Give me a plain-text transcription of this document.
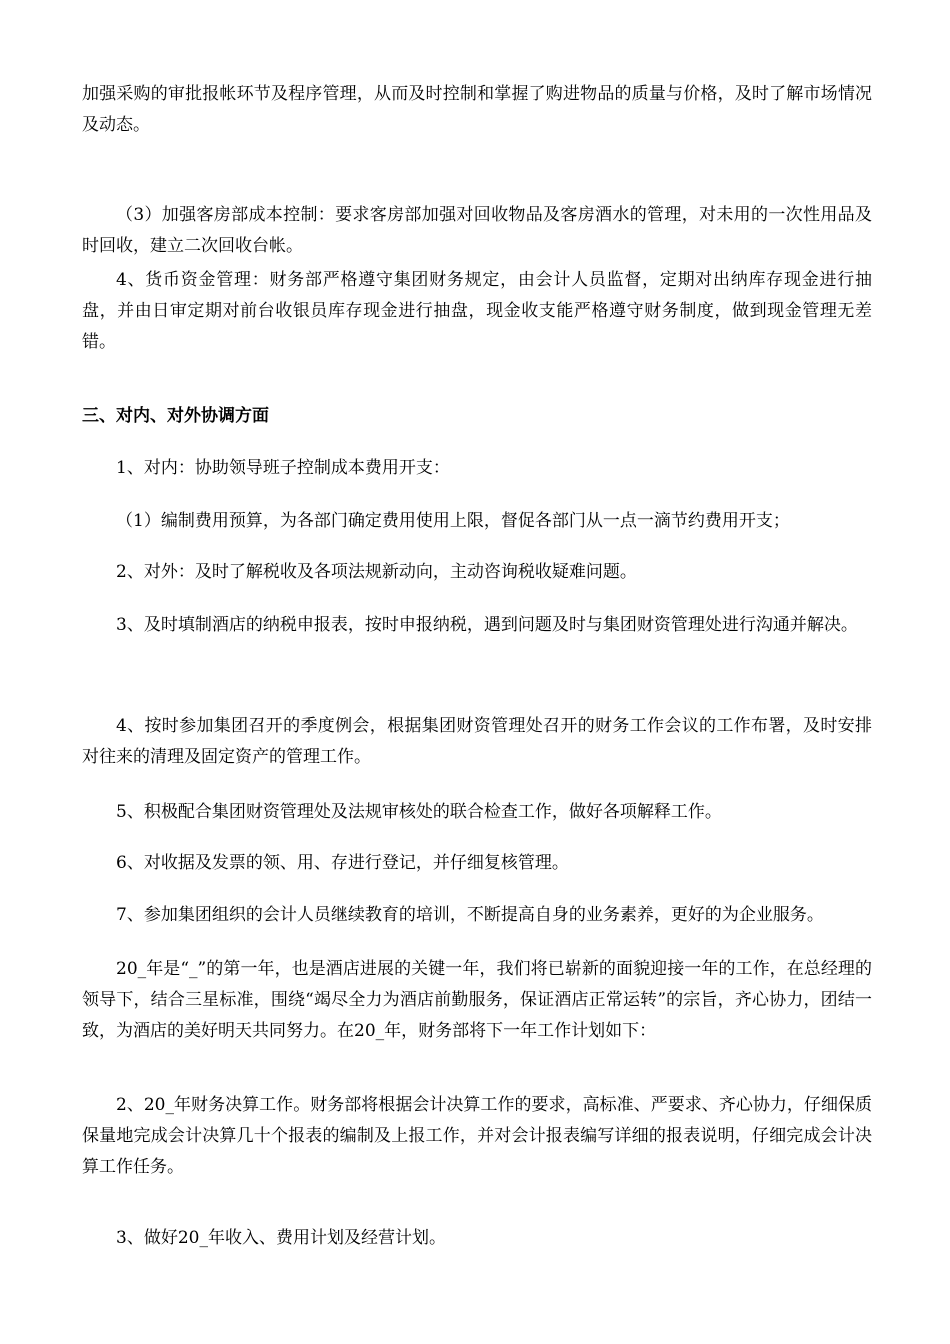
加强采购的审批报帐环节及程序管理，从而及时控制和掌握了购进物品的质量与价格，及时了解市场情况及动态。

（3）加强客房部成本控制：要求客房部加强对回收物品及客房酒水的管理，对未用的一次性用品及时回收，建立二次回收台帐。

4、货币资金管理：财务部严格遵守集团财务规定，由会计人员监督，定期对出纳库存现金进行抽盘，并由日审定期对前台收银员库存现金进行抽盘，现金收支能严格遵守财务制度，做到现金管理无差错。

三、对内、对外协调方面

1、对内：协助领导班子控制成本费用开支：

（1）编制费用预算，为各部门确定费用使用上限，督促各部门从一点一滴节约费用开支；

2、对外：及时了解税收及各项法规新动向，主动咨询税收疑难问题。

3、及时填制酒店的纳税申报表，按时申报纳税，遇到问题及时与集团财资管理处进行沟通并解决。

4、按时参加集团召开的季度例会，根据集团财资管理处召开的财务工作会议的工作布署，及时安排对往来的清理及固定资产的管理工作。

5、积极配合集团财资管理处及法规审核处的联合检查工作，做好各项解释工作。

6、对收据及发票的领、用、存进行登记，并仔细复核管理。

7、参加集团组织的会计人员继续教育的培训，不断提高自身的业务素养，更好的为企业服务。

20_年是“_”的第一年，也是酒店进展的关键一年，我们将已崭新的面貌迎接一年的工作，在总经理的领导下，结合三星标准，围绕“竭尽全力为酒店前勤服务，保证酒店正常运转”的宗旨，齐心协力，团结一致，为酒店的美好明天共同努力。在20_年，财务部将下一年工作计划如下：

2、20_年财务决算工作。财务部将根据会计决算工作的要求，高标准、严要求、齐心协力，仔细保质保量地完成会计决算几十个报表的编制及上报工作，并对会计报表编写详细的报表说明，仔细完成会计决算工作任务。

3、做好20_年收入、费用计划及经营计划。
